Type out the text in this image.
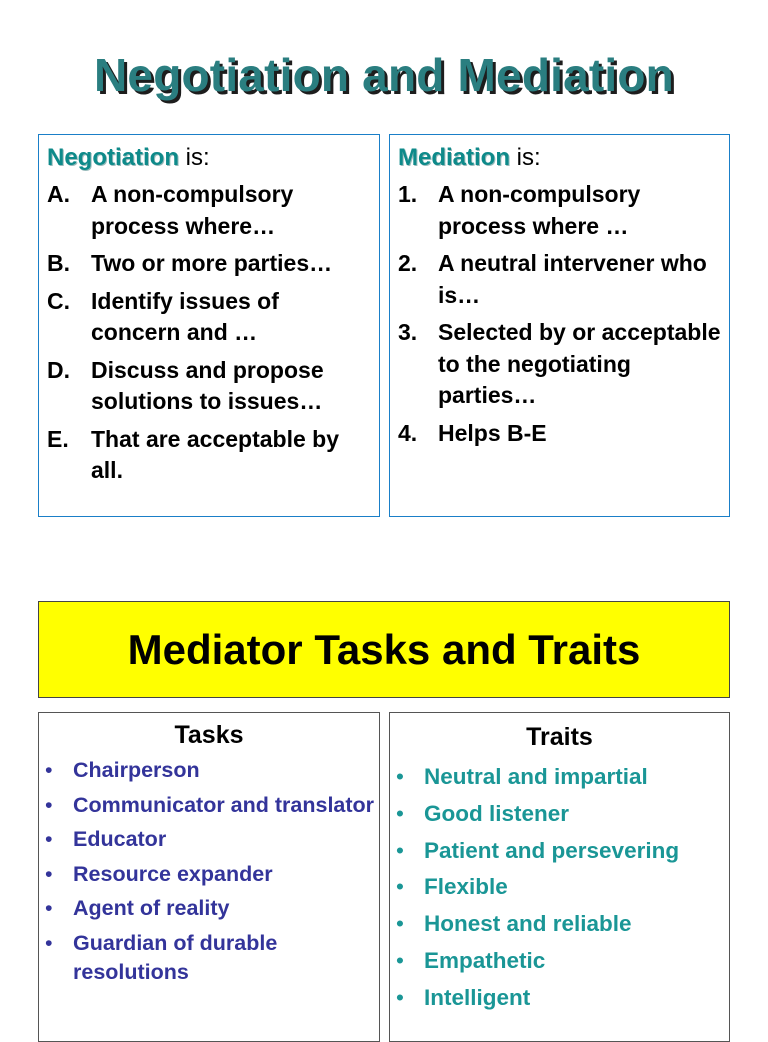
Negotiation and Mediation
Negotiation is:
A. A non-compulsory process where…
B. Two or more parties…
C. Identify issues of concern and …
D. Discuss and propose solutions to issues…
E. That are acceptable by all.
Mediation is:
1. A non-compulsory process where …
2. A neutral intervener who is…
3. Selected by or acceptable to the negotiating parties…
4. Helps B-E
Mediator Tasks and Traits
Tasks
• Chairperson
• Communicator and translator
• Educator
• Resource expander
• Agent of reality
• Guardian of durable resolutions
Traits
• Neutral and impartial
• Good listener
• Patient and persevering
• Flexible
• Honest and reliable
• Empathetic
• Intelligent
